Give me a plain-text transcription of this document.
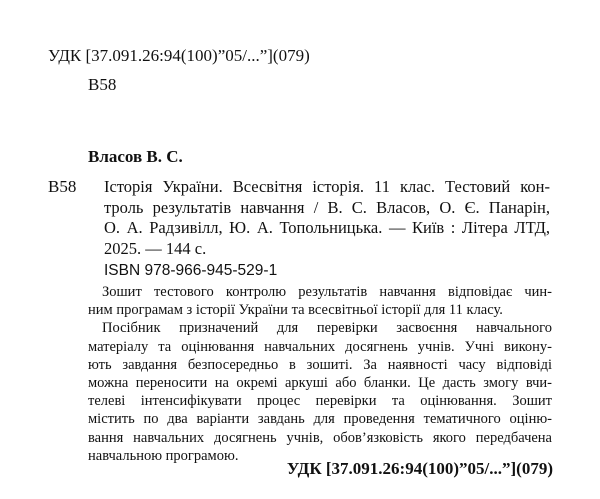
УДК [37.091.26:94(100)”05/...”](079)
В58
Власов В. С.
В58 Історія України. Всесвітня історія. 11 клас. Тестовий кон-
троль результатів навчання / В. С. Власов, О. Є. Панарін,
О. А. Радзивілл, Ю. А. Топольницька. — Київ : Літера ЛТД,
2025. — 144 с.
ISBN 978-966-945-529-1
Зошит тестового контролю результатів навчання відповідає чин-
ним програмам з історії України та всесвітньої історії для 11 класу.
Посібник призначений для перевірки засвоєння навчального
матеріалу та оцінювання навчальних досягнень учнів. Учні викону-
ють завдання безпосередньо в зошиті. За наявності часу відповіді
можна переносити на окремі аркуші або бланки. Це дасть змогу вчи-
телеві інтенсифікувати процес перевірки та оцінювання. Зошит
містить по два варіанти завдань для проведення тематичного оціню-
вання навчальних досягнень учнів, обов’язковість якого передбачена
навчальною програмою.
УДК [37.091.26:94(100)”05/...”](079)
